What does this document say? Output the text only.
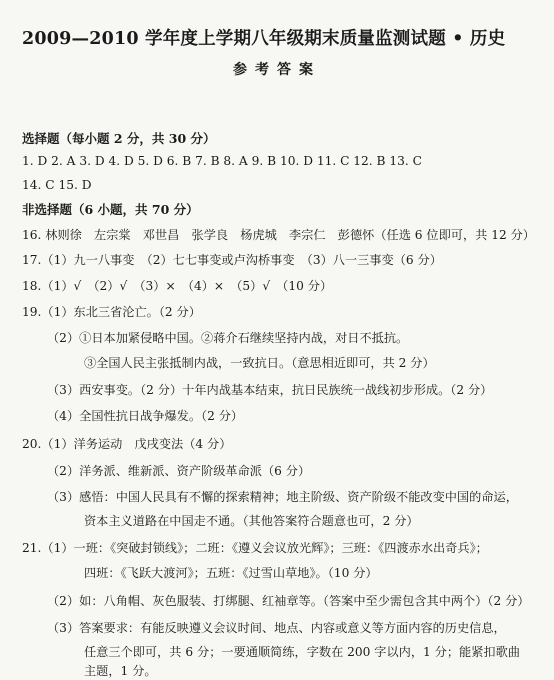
2009—2010 学年度上学期八年级期末质量监测试题 • 历史
参考答案
选择题（每小题 2 分，共 30 分）
1. D 2. A 3. D 4. D 5. D 6. B 7. B 8. A 9. B 10. D 11. C 12. B 13. C
14. C 15. D
非选择题（6 小题，共 70 分）
16. 林则徐　左宗棠　邓世昌　张学良　杨虎城　李宗仁　彭德怀（任选 6 位即可，共 12 分）
17.（1）九一八事变　（2）七七事变或卢沟桥事变　（3）八一三事变（6 分）
18.（1）√　（2）√　（3）×　（4）×　（5）√　（10 分）
19.（1）东北三省沦亡。（2 分）
（2）①日本加紧侵略中国。②蒋介石继续坚持内战，对日不抵抗。
③全国人民主张抵制内战，一致抗日。（意思相近即可，共 2 分）
（3）西安事变。（2 分）十年内战基本结束，抗日民族统一战线初步形成。（2 分）
（4）全国性抗日战争爆发。（2 分）
20.（1）洋务运动　戊戌变法（4 分）
（2）洋务派、维新派、资产阶级革命派（6 分）
（3）感悟：中国人民具有不懈的探索精神；地主阶级、资产阶级不能改变中国的命运，
资本主义道路在中国走不通。（其他答案符合题意也可，2 分）
21.（1）一班：《突破封锁线》；二班：《遵义会议放光辉》；三班：《四渡赤水出奇兵》；
四班：《飞跃大渡河》；五班：《过雪山草地》。（10 分）
（2）如：八角帽、灰色服装、打绑腿、红袖章等。（答案中至少需包含其中两个）（2 分）
（3）答案要求：有能反映遵义会议时间、地点、内容或意义等方面内容的历史信息，
任意三个即可，共 6 分；一要通顺简练，字数在 200 字以内，1 分；能紧扣歌曲
主题，1 分。
